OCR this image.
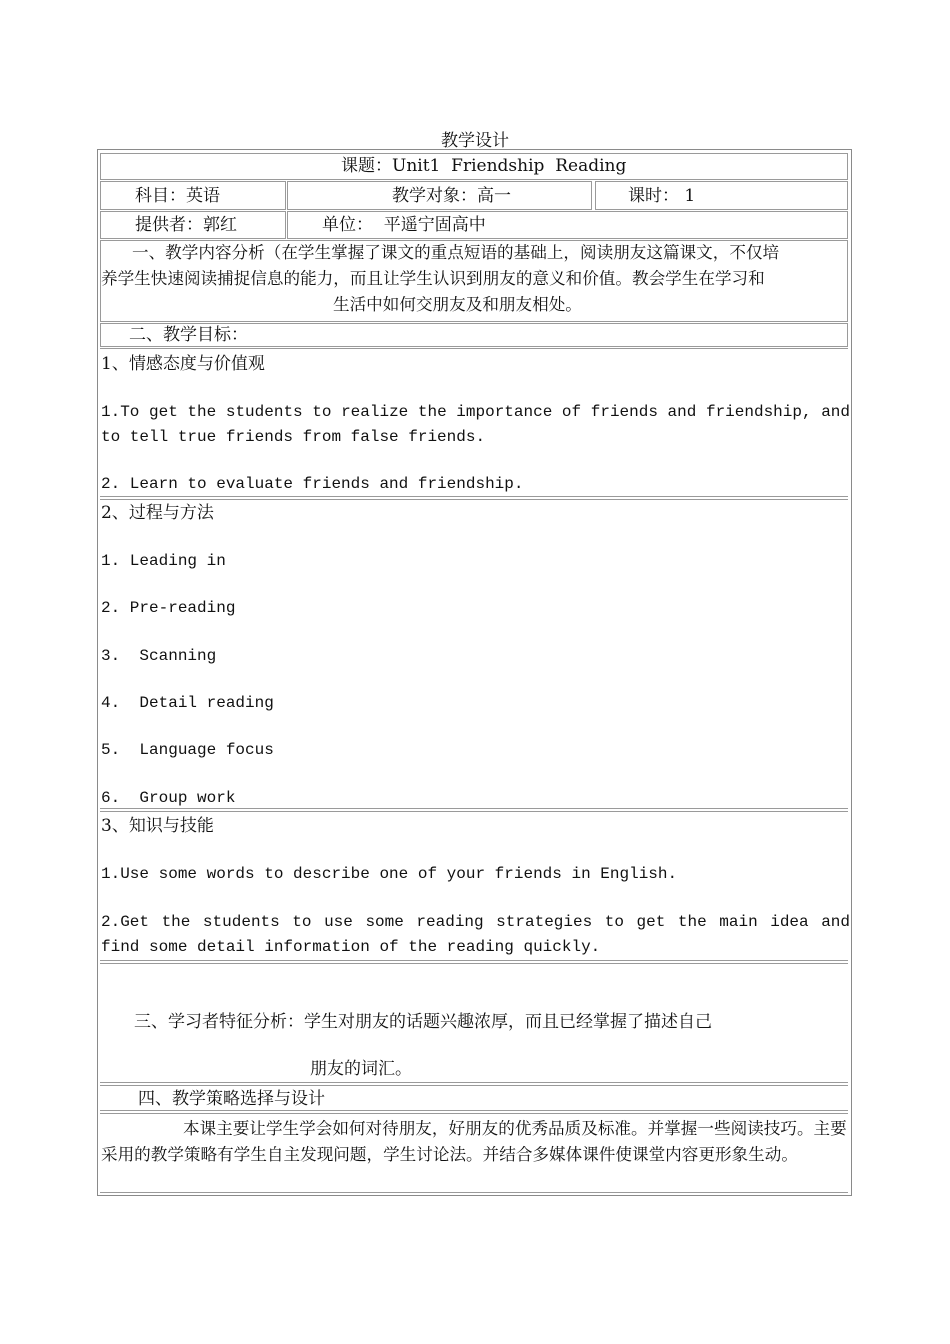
教学设计
课题：Unit1  Friendship  Reading
科目：英语	教学对象：高一	课时： 1
提供者：郭红	单位：  平遥宁固高中
一、教学内容分析（在学生掌握了课文的重点短语的基础上，阅读朋友这篇课文，不仅培
养学生快速阅读捕捉信息的能力，而且让学生认识到朋友的意义和价值。教会学生在学习和
生活中如何交朋友及和朋友相处。
二、教学目标：
1、情感态度与价值观
1.To get the students to realize the importance of friends and friendship, and to tell true friends from false friends.
2. Learn to evaluate friends and friendship.
2、过程与方法
1. Leading in
2. Pre-reading
3.  Scanning
4.  Detail reading
5.  Language focus
6.  Group work
3、知识与技能
1.Use some words to describe one of your friends in English.
2.Get the students to use some reading strategies to get the main idea and find some detail information of the reading quickly.
三、学习者特征分析：学生对朋友的话题兴趣浓厚，而且已经掌握了描述自己
朋友的词汇。
四、教学策略选择与设计
本课主要让学生学会如何对待朋友，好朋友的优秀品质及标准。并掌握一些阅读技巧。主要采用的教学策略有学生自主发现问题，学生讨论法。并结合多媒体课件使课堂内容更形象生动。
